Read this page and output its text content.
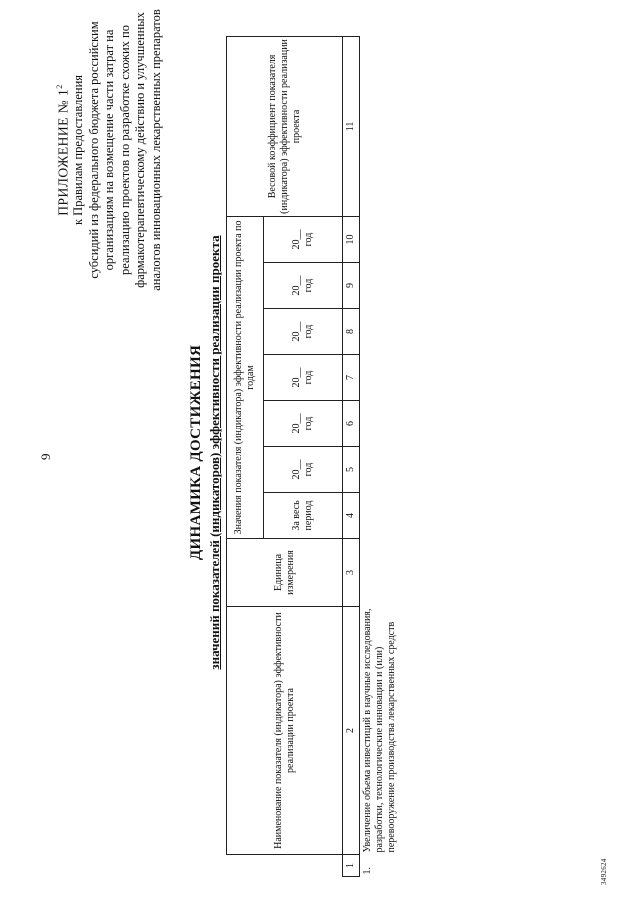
9
ПРИЛОЖЕНИЕ № $1^2$ к Правилам предоставления субсидий из федерального бюджета российским организациям на возмещение части затрат на реализацию проектов по разработке схожих по фармакотерапевтическому действию и улучшенных аналогов инновационных лекарственных препаратов
ДИНАМИКА ДОСТИЖЕНИЯ значений показателей (индикаторов) эффективности реализации проекта
	Наименование показателя (индикатора) эффективности реализации проекта	Единица измерения	Значения показателя (индикатора) эффективности реализации проекта по годам							Весовой коэффициент показателя (индикатора) эффективности реализации проекта

			За весь период	20__ год	20__ год	20__ год	20__ год	20__ год	20__ год	

1	2	3	4	5	6	7	8	9	10	11
1.	Увеличение объема инвестиций в научные исследования, разработки, технологические инновации и (или) перевооружение производства лекарственных средств									
3492624
